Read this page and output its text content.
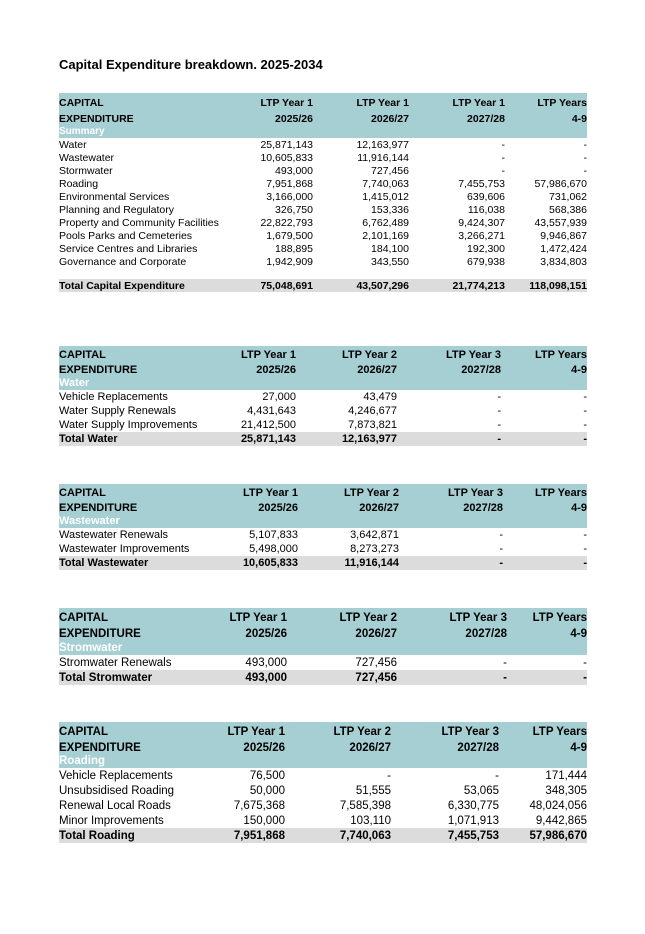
Capital Expenditure breakdown. 2025-2034
CAPITAL	LTP Year 1	LTP Year 1	LTP Year 1	LTP Years
EXPENDITURE	2025/26	2026/27	2027/28	4-9
Summary				
Water	25,871,143	12,163,977	-	-
Wastewater	10,605,833	11,916,144	-	-
Stormwater	493,000	727,456	-	-
Roading	7,951,868	7,740,063	7,455,753	57,986,670
Environmental Services	3,166,000	1,415,012	639,606	731,062
Planning and Regulatory	326,750	153,336	116,038	568,386
Property and Community Facilities	22,822,793	6,762,489	9,424,307	43,557,939
Pools Parks and Cemeteries	1,679,500	2,101,169	3,266,271	9,946,867
Service Centres and Libraries	188,895	184,100	192,300	1,472,424
Governance and Corporate	1,942,909	343,550	679,938	3,834,803

Total Capital Expenditure	75,048,691	43,507,296	21,774,213	118,098,151
CAPITAL	LTP Year 1	LTP Year 2	LTP Year 3	LTP Years
EXPENDITURE	2025/26	2026/27	2027/28	4-9
Water				
Vehicle Replacements	27,000	43,479	-	-
Water Supply Renewals	4,431,643	4,246,677	-	-
Water Supply Improvements	21,412,500	7,873,821	-	-
Total Water	25,871,143	12,163,977	-	-
CAPITAL	LTP Year 1	LTP Year 2	LTP Year 3	LTP Years
EXPENDITURE	2025/26	2026/27	2027/28	4-9
Wastewater				
Wastewater Renewals	5,107,833	3,642,871	-	-
Wastewater Improvements	5,498,000	8,273,273	-	-
Total Wastewater	10,605,833	11,916,144	-	-
CAPITAL	LTP Year 1	LTP Year 2	LTP Year 3	LTP Years
EXPENDITURE	2025/26	2026/27	2027/28	4-9
Stromwater				
Stromwater Renewals	493,000	727,456	-	-
Total Stromwater	493,000	727,456	-	-
CAPITAL	LTP Year 1	LTP Year 2	LTP Year 3	LTP Years
EXPENDITURE	2025/26	2026/27	2027/28	4-9
Roading				
Vehicle Replacements	76,500	-	-	171,444
Unsubsidised Roading	50,000	51,555	53,065	348,305
Renewal Local Roads	7,675,368	7,585,398	6,330,775	48,024,056
Minor Improvements	150,000	103,110	1,071,913	9,442,865
Total Roading	7,951,868	7,740,063	7,455,753	57,986,670
